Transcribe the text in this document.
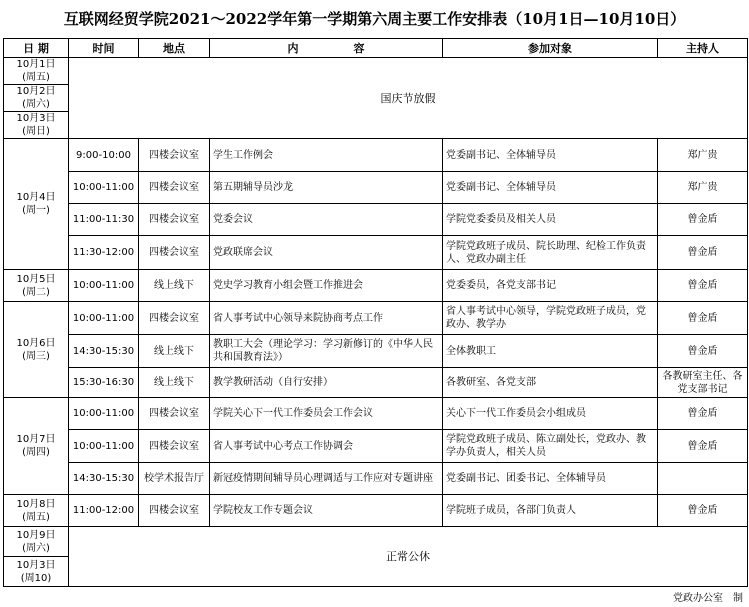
互联网经贸学院2021～2022学年第一学期第六周主要工作安排表（10月1日—10月10日）
日 期	时间	地点	内　　　　　容	参加对象	主持人
10月1日
(周五)	国庆节放假				
10月2日
(周六)					
10月3日
(周日)					
10月4日
(周一)	9:00-10:00	四楼会议室	学生工作例会	党委副书记、全体辅导员	郑广贵
	10:00-11:00	四楼会议室	第五期辅导员沙龙	党委副书记、全体辅导员	郑广贵
	11:00-11:30	四楼会议室	党委会议	学院党委委员及相关人员	曾金盾
	11:30-12:00	四楼会议室	党政联席会议	学院党政班子成员、院长助理、纪检工作负责人、党政办副主任	曾金盾
10月5日
(周二)	10:00-11:00	线上线下	党史学习教育小组会暨工作推进会	党委委员，各党支部书记	曾金盾
10月6日
(周三)	10:00-11:00	四楼会议室	省人事考试中心领导来院协商考点工作	省人事考试中心领导，学院党政班子成员，党政办、教学办	曾金盾
	14:30-15:30	线上线下	教职工大会（理论学习：学习新修订的《中华人民共和国教育法》）	全体教职工	曾金盾
	15:30-16:30	线上线下	教学教研活动（自行安排）	各教研室、各党支部	各教研室主任、各党支部书记
10月7日
(周四)	10:00-11:00	四楼会议室	学院关心下一代工作委员会工作会议	关心下一代工作委员会小组成员	曾金盾
	10:00-11:00	四楼会议室	省人事考试中心考点工作协调会	学院党政班子成员、陈立副处长，党政办、教学办负责人，相关人员	曾金盾
	14:30-15:30	校学术报告厅	新冠疫情期间辅导员心理调适与工作应对专题讲座	党委副书记、团委书记、全体辅导员	
10月8日
(周五)	11:00-12:00	四楼会议室	学院校友工作专题会议	学院班子成员，各部门负责人	曾金盾
10月9日
(周六)	正常公休				
10月3日
(周10)					
党政办公室　制
